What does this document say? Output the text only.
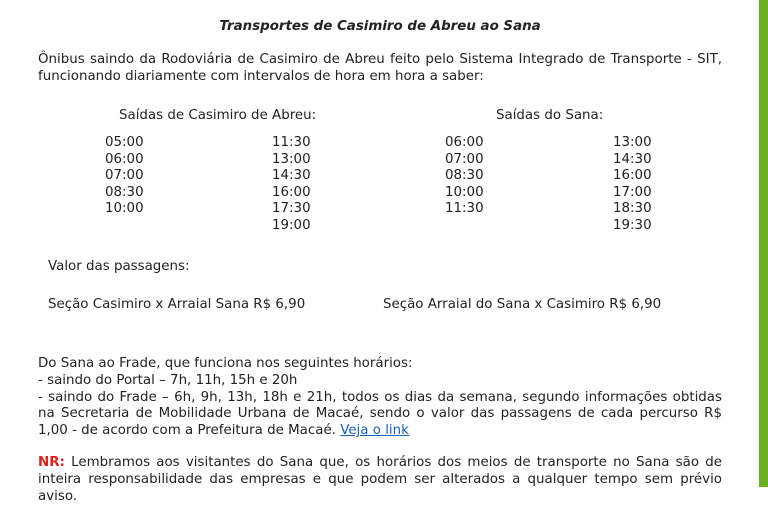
Transportes de Casimiro de Abreu ao Sana
Ônibus saindo da Rodoviária de Casimiro de Abreu feito pelo Sistema Integrado de Transporte - SIT, funcionando diariamente com intervalos de hora em hora a saber:
Saídas de Casimiro de Abreu:	Saídas do Sana:
05:00
06:00
07:00
08:30
10:00
11:30
13:00
14:30
16:00
17:30
19:00
06:00
07:00
08:30
10:00
11:30
13:00
14:30
16:00
17:00
18:30
19:30
Valor das passagens:
Seção Casimiro x Arraial Sana R$ 6,90	Seção Arraial do Sana x Casimiro R$ 6,90

Do Sana ao Frade, que funciona nos seguintes horários:

- saindo do Portal – 7h, 11h, 15h e 20h

- saindo do Frade – 6h, 9h, 13h, 18h e 21h, todos os dias da semana, segundo informações obtidas na Secretaria de Mobilidade Urbana de Macaé, sendo o valor das passagens de cada percurso R$ 1,00 - de acordo com a Prefeitura de Macaé. Veja o link

NR: Lembramos aos visitantes do Sana que, os horários dos meios de transporte no Sana são de inteira responsabilidade das empresas e que podem ser alterados a qualquer tempo sem prévio aviso.
